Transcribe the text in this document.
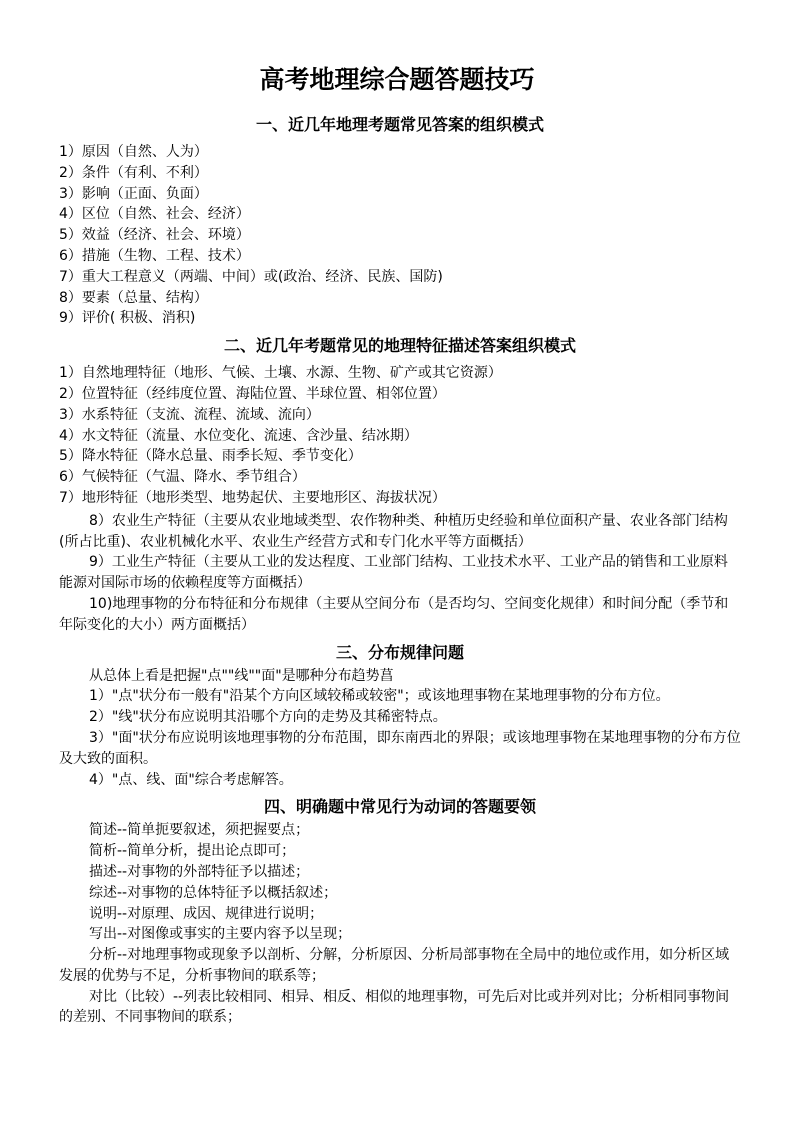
高考地理综合题答题技巧
一、近几年地理考题常见答案的组织模式
1）原因（自然、人为）
2）条件（有利、不利）
3）影响（正面、负面）
4）区位（自然、社会、经济）
5）效益（经济、社会、环境）
6）措施（生物、工程、技术）
7）重大工程意义（两端、中间）或(政治、经济、民族、国防)
8）要素（总量、结构）
9）评价( 积极、消积)
二、近几年考题常见的地理特征描述答案组织模式
1）自然地理特征（地形、气候、土壤、水源、生物、矿产或其它资源）
2）位置特征（经纬度位置、海陆位置、半球位置、相邻位置）
3）水系特征（支流、流程、流域、流向）
4）水文特征（流量、水位变化、流速、含沙量、结冰期）
5）降水特征（降水总量、雨季长短、季节变化）
6）气候特征（气温、降水、季节组合）
7）地形特征（地形类型、地势起伏、主要地形区、海拔状况）

8）农业生产特征（主要从农业地域类型、农作物种类、种植历史经验和单位面积产量、农业各部门结构(所占比重)、农业机械化水平、农业生产经营方式和专门化水平等方面概括）

9）工业生产特征（主要从工业的发达程度、工业部门结构、工业技术水平、工业产品的销售和工业原料能源对国际市场的依赖程度等方面概括）

10)地理事物的分布特征和分布规律（主要从空间分布（是否均匀、空间变化规律）和时间分配（季节和年际变化的大小）两方面概括）

三、分布规律问题

从总体上看是把握"点""线""面"是哪种分布趋势菖

1）"点"状分布一般有"沿某个方向区域较稀或较密"；或该地理事物在某地理事物的分布方位。

2）"线"状分布应说明其沿哪个方向的走势及其稀密特点。

3）"面"状分布应说明该地理事物的分布范围，即东南西北的界限；或该地理事物在某地理事物的分布方位及大致的面积。

4）"点、线、面"综合考虑解答。

四、明确题中常见行为动词的答题要领

简述--简单扼要叙述，须把握要点；

简析--简单分析，提出论点即可；

描述--对事物的外部特征予以描述；

综述--对事物的总体特征予以概括叙述；

说明--对原理、成因、规律进行说明；

写出--对图像或事实的主要内容予以呈现；

分析--对地理事物或现象予以剖析、分解，分析原因、分析局部事物在全局中的地位或作用，如分析区域发展的优势与不足，分析事物间的联系等；

对比（比较）--列表比较相同、相异、相反、相似的地理事物，可先后对比或并列对比；分析相同事物间的差别、不同事物间的联系；
